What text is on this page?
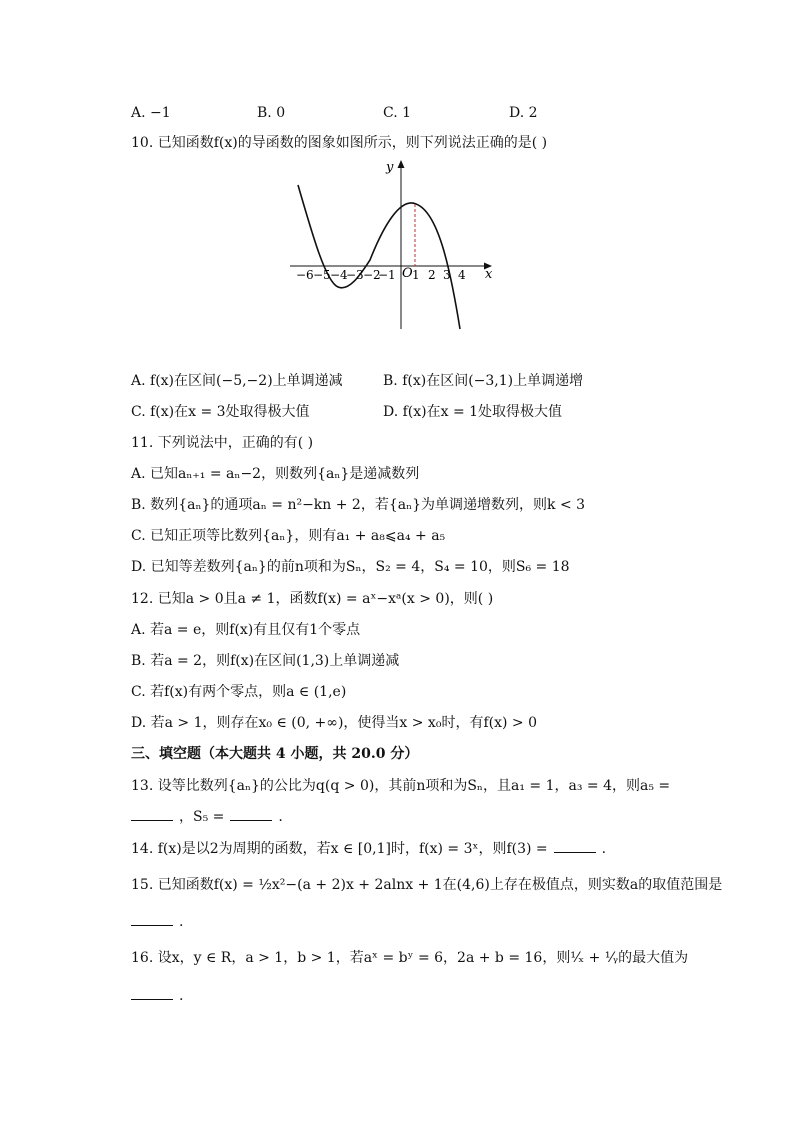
A. −1	B. 0	C. 1	D. 2
10. 已知函数f(x)的导函数的图象如图所示，则下列说法正确的是( )
y
x
O
−6 −5 −4
−3 −2
−1 1 2 3 4
A. f(x)在区间(−5,−2)上单调递减	B. f(x)在区间(−3,1)上单调递增
C. f(x)在x = 3处取得极大值	D. f(x)在x = 1处取得极大值
11. 下列说法中，正确的有( )
A. 已知aₙ₊₁ = aₙ−2，则数列{aₙ}是递减数列
B. 数列{aₙ}的通项aₙ = n²−kn + 2，若{aₙ}为单调递增数列，则k < 3
C. 已知正项等比数列{aₙ}，则有a₁ + a₈⩽a₄ + a₅
D. 已知等差数列{aₙ}的前n项和为Sₙ，S₂ = 4，S₄ = 10，则S₆ = 18
12. 已知a > 0且a ≠ 1，函数f(x) = aˣ−xᵃ(x > 0)，则( )
A. 若a = e，则f(x)有且仅有1个零点
B. 若a = 2，则f(x)在区间(1,3)上单调递减
C. 若f(x)有两个零点，则a ∈ (1,e)
D. 若a > 1，则存在x₀ ∈ (0, +∞)，使得当x > x₀时，有f(x) > 0
三、填空题（本大题共 4 小题，共 20.0 分）
13. 设等比数列{aₙ}的公比为q(q > 0)，其前n项和为Sₙ，且a₁ = 1，a₃ = 4，则a₅ =
，S₅ =	.
14. f(x)是以2为周期的函数，若x ∈ [0,1]时，f(x) = 3ˣ，则f(3) =	.
15. 已知函数f(x) = ½x²−(a + 2)x + 2alnx + 1在(4,6)上存在极值点，则实数a的取值范围是
.
16. 设x，y ∈ R，a > 1，b > 1，若aˣ = bʸ = 6，2a + b = 16，则¹⁄ₓ + ¹⁄ᵧ的最大值为
.
